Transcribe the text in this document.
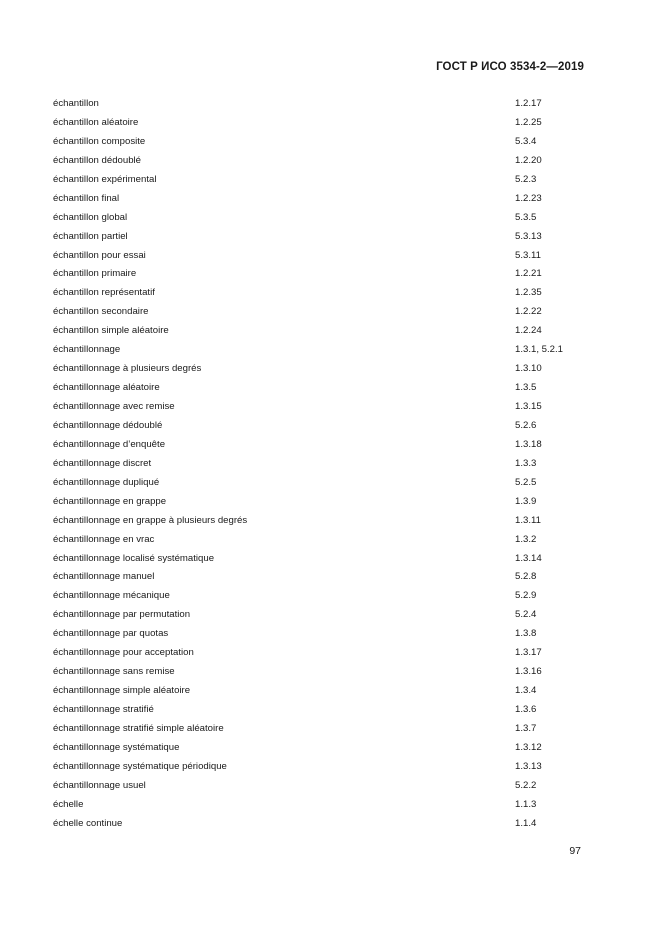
ГОСТ Р ИСО 3534-2—2019
échantillon	1.2.17
échantillon aléatoire	1.2.25
échantillon composite	5.3.4
échantillon dédoublé	1.2.20
échantillon expérimental	5.2.3
échantillon final	1.2.23
échantillon global	5.3.5
échantillon partiel	5.3.13
échantillon pour essai	5.3.11
échantillon primaire	1.2.21
échantillon représentatif	1.2.35
échantillon secondaire	1.2.22
échantillon simple aléatoire	1.2.24
échantillonnage	1.3.1, 5.2.1
échantillonnage à plusieurs degrés	1.3.10
échantillonnage aléatoire	1.3.5
échantillonnage avec remise	1.3.15
échantillonnage dédoublé	5.2.6
échantillonnage d’enquête	1.3.18
échantillonnage discret	1.3.3
échantillonnage dupliqué	5.2.5
échantillonnage en grappe	1.3.9
échantillonnage en grappe à plusieurs degrés	1.3.11
échantillonnage en vrac	1.3.2
échantillonnage localisé systématique	1.3.14
échantillonnage manuel	5.2.8
échantillonnage mécanique	5.2.9
échantillonnage par permutation	5.2.4
échantillonnage par quotas	1.3.8
échantillonnage pour acceptation	1.3.17
échantillonnage sans remise	1.3.16
échantillonnage simple aléatoire	1.3.4
échantillonnage stratifié	1.3.6
échantillonnage stratifié simple aléatoire	1.3.7
échantillonnage systématique	1.3.12
échantillonnage systématique périodique	1.3.13
échantillonnage usuel	5.2.2
échelle	1.1.3
échelle continue	1.1.4
97
